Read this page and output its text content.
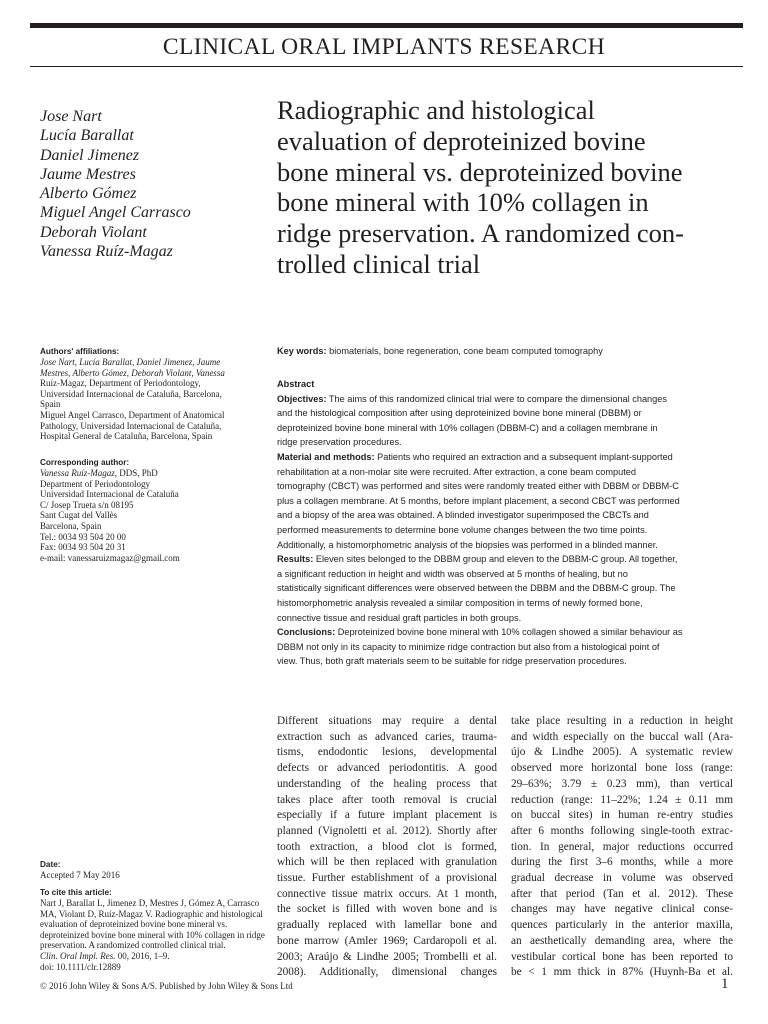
CLINICAL ORAL IMPLANTS RESEARCH
Jose Nart
Lucía Barallat
Daniel Jimenez
Jaume Mestres
Alberto Gómez
Miguel Angel Carrasco
Deborah Violant
Vanessa Ruíz-Magaz
Radiographic and histological
evaluation of deproteinized bovine
bone mineral vs. deproteinized bovine
bone mineral with 10% collagen in
ridge preservation. A randomized con-
trolled clinical trial
Authors' affiliations:
Jose Nart, Lucía Barallat, Daniel Jimenez, Jaume
Mestres, Alberto Gómez, Deborah Violant, Vanessa
Ruíz-Magaz, Department of Periodontology,
Universidad Internacional de Cataluña, Barcelona,
Spain
Miguel Angel Carrasco, Department of Anatomical
Pathology, Universidad Internacional de Cataluña,
Hospital General de Cataluña, Barcelona, Spain
Corresponding author:
Vanessa Ruíz-Magaz, DDS, PhD
Department of Periodontology
Universidad Internacional de Cataluña
C/ Josep Trueta s/n 08195
Sant Cugat del Vallès
Barcelona, Spain
Tel.: 0034 93 504 20 00
Fax: 0034 93 504 20 31
e-mail: vanessaruizmagaz@gmail.com
Date:
Accepted 7 May 2016
To cite this article:
Nart J, Barallat L, Jimenez D, Mestres J, Gómez A, Carrasco
MA, Violant D, Ruíz-Magaz V. Radiographic and histological
evaluation of deproteinized bovine bone mineral vs.
deproteinized bovine bone mineral with 10% collagen in ridge
preservation. A randomized controlled clinical trial.
Clin. Oral Impl. Res. 00, 2016, 1–9.
doi: 10.1111/clr.12889
Key words: biomaterials, bone regeneration, cone beam computed tomography
Abstract
Objectives: The aims of this randomized clinical trial were to compare the dimensional changes
and the histological composition after using deproteinized bovine bone mineral (DBBM) or
deproteinized bovine bone mineral with 10% collagen (DBBM-C) and a collagen membrane in
ridge preservation procedures.
Material and methods: Patients who required an extraction and a subsequent implant-supported
rehabilitation at a non-molar site were recruited. After extraction, a cone beam computed
tomography (CBCT) was performed and sites were randomly treated either with DBBM or DBBM-C
plus a collagen membrane. At 5 months, before implant placement, a second CBCT was performed
and a biopsy of the area was obtained. A blinded investigator superimposed the CBCTs and
performed measurements to determine bone volume changes between the two time points.
Additionally, a histomorphometric analysis of the biopsies was performed in a blinded manner.
Results: Eleven sites belonged to the DBBM group and eleven to the DBBM-C group. All together,
a significant reduction in height and width was observed at 5 months of healing, but no
statistically significant differences were observed between the DBBM and the DBBM-C group. The
histomorphometric analysis revealed a similar composition in terms of newly formed bone,
connective tissue and residual graft particles in both groups.
Conclusions: Deproteinized bovine bone mineral with 10% collagen showed a similar behaviour as
DBBM not only in its capacity to minimize ridge contraction but also from a histological point of
view. Thus, both graft materials seem to be suitable for ridge preservation procedures.
Different situations may require a dental
extraction such as advanced caries, trauma-
tisms, endodontic lesions, developmental
defects or advanced periodontitis. A good
understanding of the healing process that
takes place after tooth removal is crucial
especially if a future implant placement is
planned (Vignoletti et al. 2012). Shortly after
tooth extraction, a blood clot is formed,
which will be then replaced with granulation
tissue. Further establishment of a provisional
connective tissue matrix occurs. At 1 month,
the socket is filled with woven bone and is
gradually replaced with lamellar bone and
bone marrow (Amler 1969; Cardaropoli et al.
2003; Araújo & Lindhe 2005; Trombelli et al.
2008). Additionally, dimensional changes
take place resulting in a reduction in height
and width especially on the buccal wall (Ara-
újo & Lindhe 2005). A systematic review
observed more horizontal bone loss (range:
29–63%; 3.79 ± 0.23 mm), than vertical
reduction (range: 11–22%; 1.24 ± 0.11 mm
on buccal sites) in human re-entry studies
after 6 months following single-tooth extrac-
tion. In general, major reductions occurred
during the first 3–6 months, while a more
gradual decrease in volume was observed
after that period (Tan et al. 2012). These
changes may have negative clinical conse-
quences particularly in the anterior maxilla,
an aesthetically demanding area, where the
vestibular cortical bone has been reported to
be < 1 mm thick in 87% (Huynh-Ba et al.
© 2016 John Wiley & Sons A/S. Published by John Wiley & Sons Ltd	1
